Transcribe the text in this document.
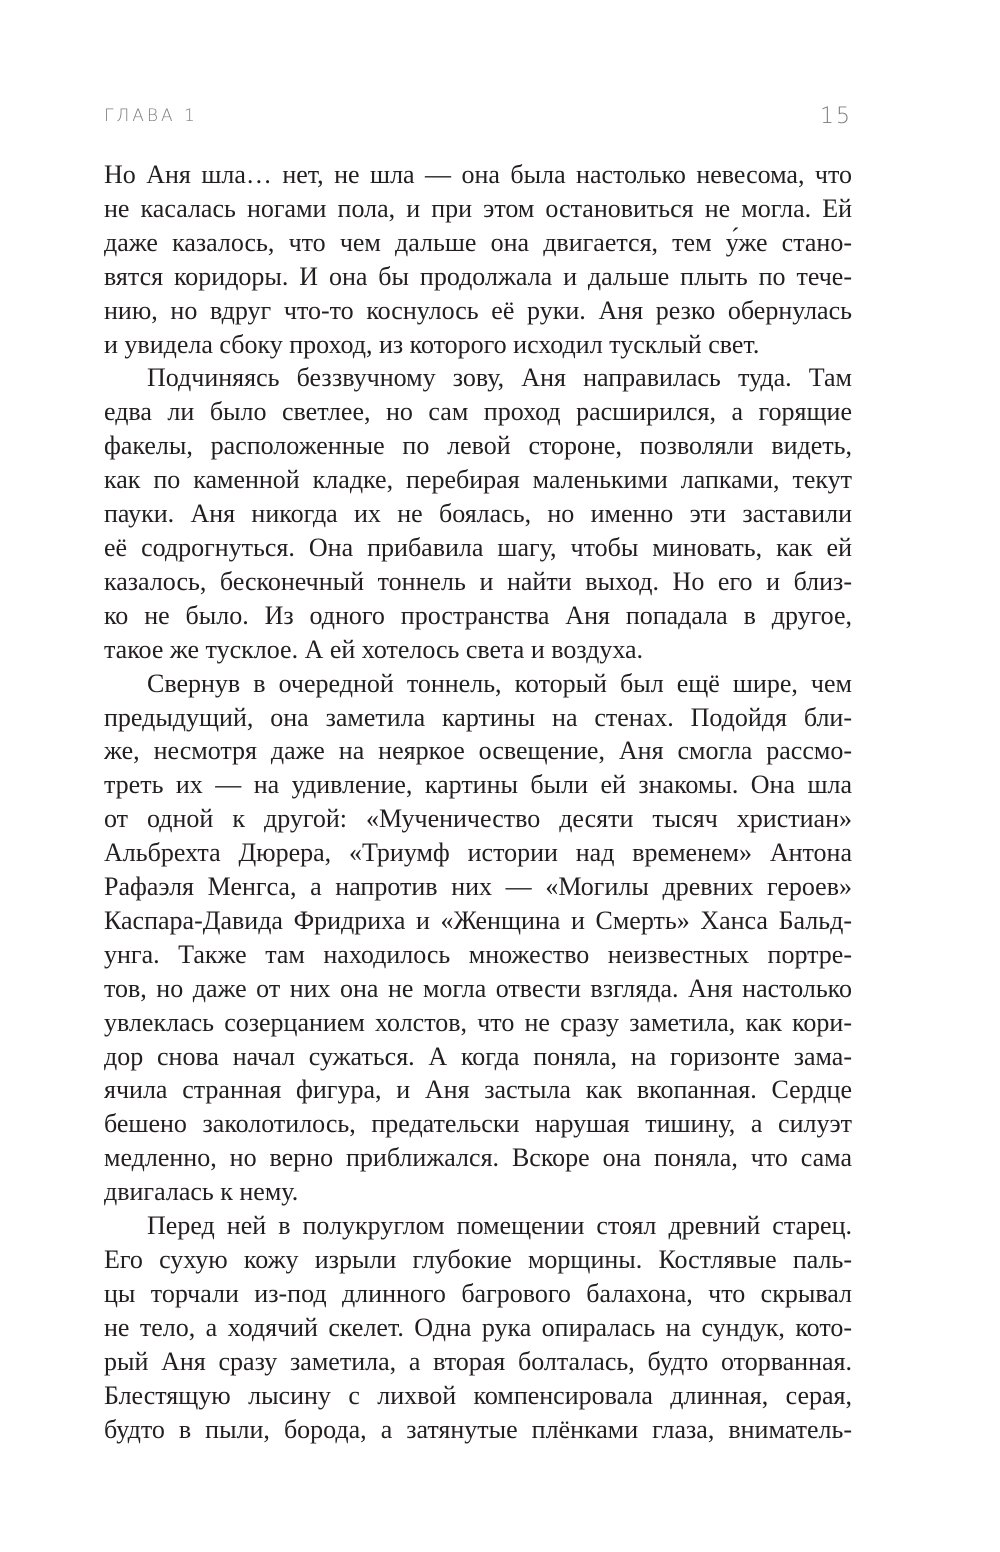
ГЛАВА 1	15

Но Аня шла… нет, не шла — она была настолько невесома, что
не касалась ногами пола, и при этом остановиться не могла. Ей
даже казалось, что чем дальше она двигается, тем у́же стано-
вятся коридоры. И она бы продолжала и дальше плыть по тече-
нию, но вдруг что-то коснулось её руки. Аня резко обернулась
и увидела сбоку проход, из которого исходил тусклый свет.

Подчиняясь беззвучному зову, Аня направилась туда. Там
едва ли было светлее, но сам проход расширился, а горящие
факелы, расположенные по левой стороне, позволяли видеть,
как по каменной кладке, перебирая маленькими лапками, текут
пауки. Аня никогда их не боялась, но именно эти заставили
её содрогнуться. Она прибавила шагу, чтобы миновать, как ей
казалось, бесконечный тоннель и найти выход. Но его и близ-
ко не было. Из одного пространства Аня попадала в другое,
такое же тусклое. А ей хотелось света и воздуха.

Свернув в очередной тоннель, который был ещё шире, чем
предыдущий, она заметила картины на стенах. Подойдя бли-
же, несмотря даже на неяркое освещение, Аня смогла рассмо-
треть их — на удивление, картины были ей знакомы. Она шла
от одной к другой: «Мученичество десяти тысяч христиан»
Альбрехта Дюрера, «Триумф истории над временем» Антона
Рафаэля Менгса, а напротив них — «Могилы древних героев»
Каспара-Давида Фридриха и «Женщина и Смерть» Ханса Бальд-
унга. Также там находилось множество неизвестных портре-
тов, но даже от них она не могла отвести взгляда. Аня настолько
увлеклась созерцанием холстов, что не сразу заметила, как кори-
дор снова начал сужаться. А когда поняла, на горизонте зама-
ячила странная фигура, и Аня застыла как вкопанная. Сердце
бешено заколотилось, предательски нарушая тишину, а силуэт
медленно, но верно приближался. Вскоре она поняла, что сама
двигалась к нему.

Перед ней в полукруглом помещении стоял древний старец.
Его сухую кожу изрыли глубокие морщины. Костлявые паль-
цы торчали из-под длинного багрового балахона, что скрывал
не тело, а ходячий скелет. Одна рука опиралась на сундук, кото-
рый Аня сразу заметила, а вторая болталась, будто оторванная.
Блестящую лысину с лихвой компенсировала длинная, серая,
будто в пыли, борода, а затянутые плёнками глаза, вниматель-
